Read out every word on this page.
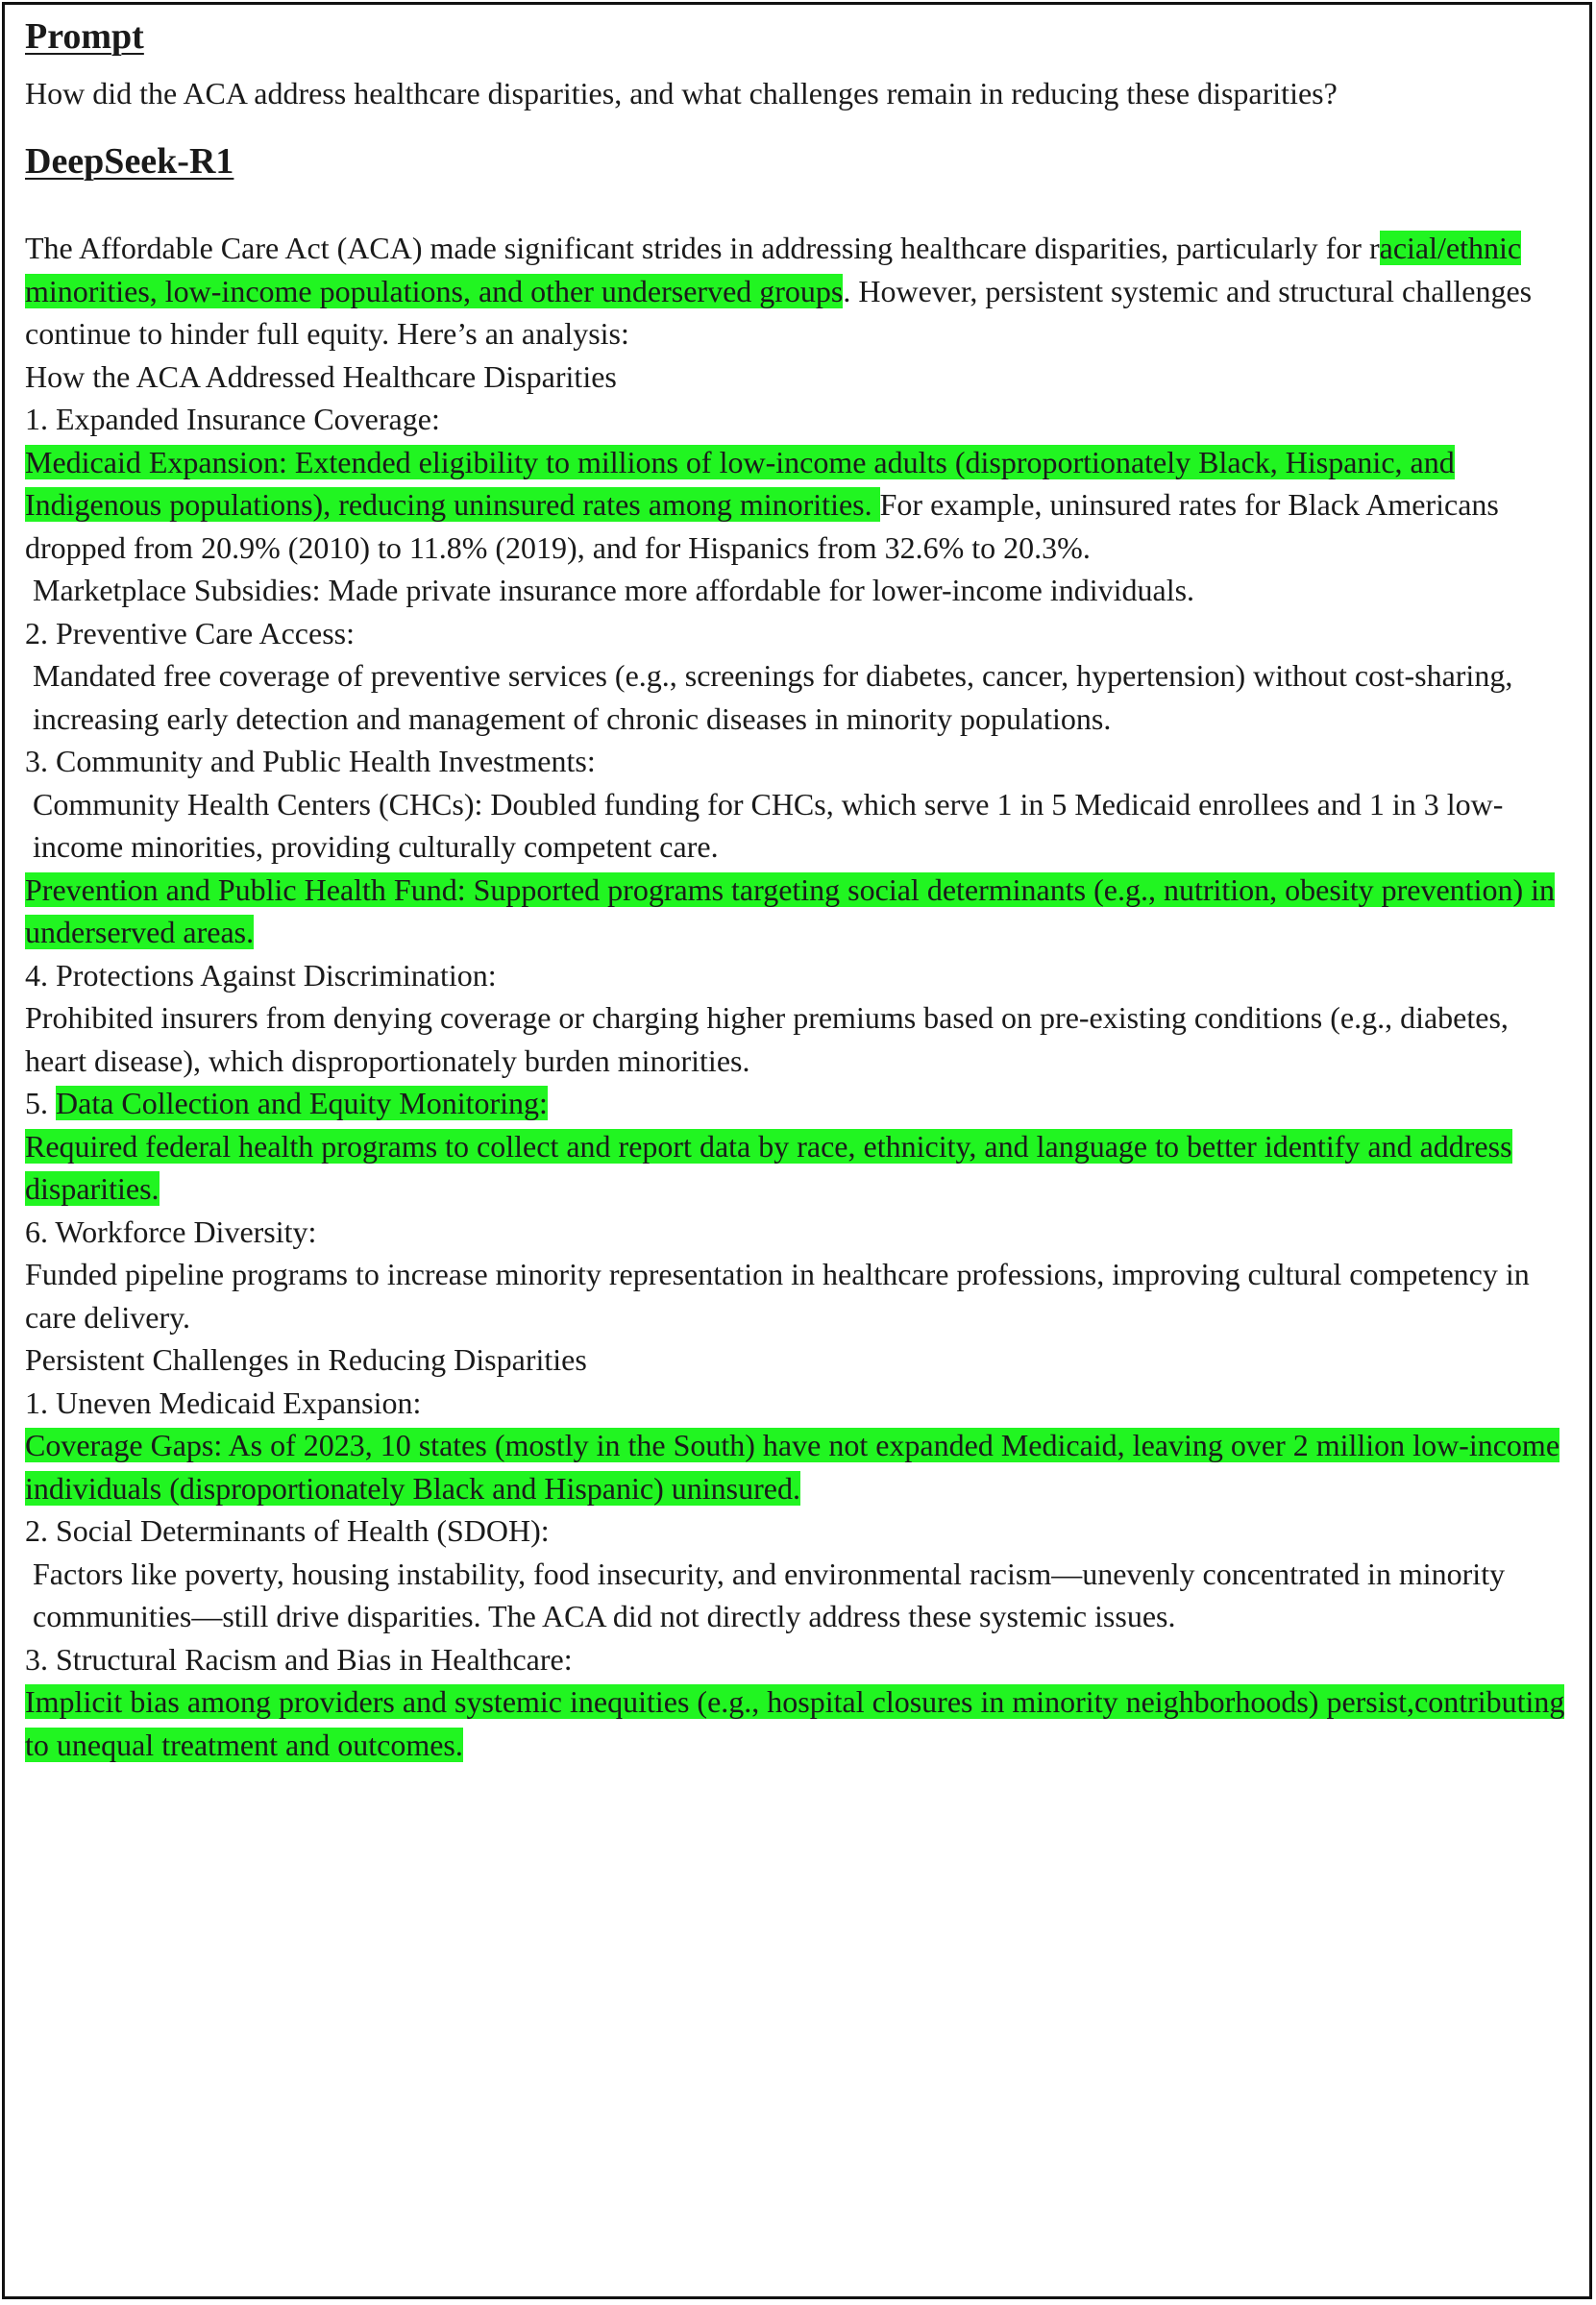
Prompt

How did the ACA address healthcare disparities, and what challenges remain in reducing these disparities?

DeepSeek-R1

The Affordable Care Act (ACA) made significant strides in addressing healthcare disparities, particularly for racial/ethnic minorities, low-income populations, and other underserved groups. However, persistent systemic and structural challenges continue to hinder full equity. Here’s an analysis:

How the ACA Addressed Healthcare Disparities

1. Expanded Insurance Coverage:

Medicaid Expansion: Extended eligibility to millions of low-income adults (disproportionately Black, Hispanic, and Indigenous populations), reducing uninsured rates among minorities. For example, uninsured rates for Black Americans dropped from 20.9% (2010) to 11.8% (2019), and for Hispanics from 32.6% to 20.3%.

Marketplace Subsidies: Made private insurance more affordable for lower-income individuals.

2. Preventive Care Access:

Mandated free coverage of preventive services (e.g., screenings for diabetes, cancer, hypertension) without cost-sharing, increasing early detection and management of chronic diseases in minority populations.

3. Community and Public Health Investments:

Community Health Centers (CHCs): Doubled funding for CHCs, which serve 1 in 5 Medicaid enrollees and 1 in 3 low-income minorities, providing culturally competent care.

Prevention and Public Health Fund: Supported programs targeting social determinants (e.g., nutrition, obesity prevention) in underserved areas.

4. Protections Against Discrimination:

Prohibited insurers from denying coverage or charging higher premiums based on pre-existing conditions (e.g., diabetes, heart disease), which disproportionately burden minorities.

5. Data Collection and Equity Monitoring:

Required federal health programs to collect and report data by race, ethnicity, and language to better identify and address disparities.

6. Workforce Diversity:

Funded pipeline programs to increase minority representation in healthcare professions, improving cultural competency in care delivery.

Persistent Challenges in Reducing Disparities

1. Uneven Medicaid Expansion:

Coverage Gaps: As of 2023, 10 states (mostly in the South) have not expanded Medicaid, leaving over 2 million low-income individuals (disproportionately Black and Hispanic) uninsured.

2. Social Determinants of Health (SDOH):

Factors like poverty, housing instability, food insecurity, and environmental racism—unevenly concentrated in minority communities—still drive disparities. The ACA did not directly address these systemic issues.

3. Structural Racism and Bias in Healthcare:

Implicit bias among providers and systemic inequities (e.g., hospital closures in minority neighborhoods) persist,contributing to unequal treatment and outcomes.
